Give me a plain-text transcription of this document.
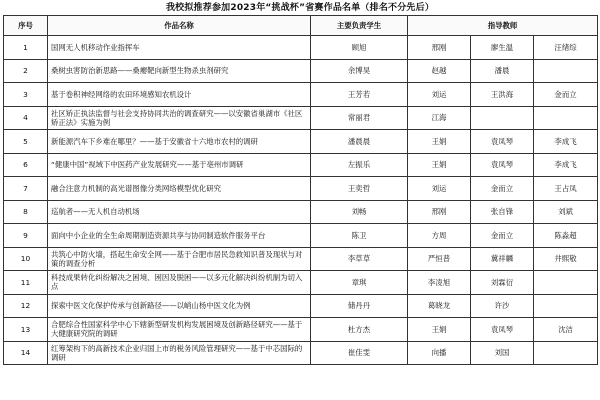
我校拟推荐参加2023年“挑战杯”省赛作品名单（排名不分先后）
序号	作品名称	主要负责学生	指导教师		
1	国网无人机移动作业指挥车	顾旭	邢刚	廖生温	汪绪综
2	桑树虫害防治新思路——桑瘿靶向新型生物杀虫剂研究	余博昊	赵越	潘晨	
3	基于卷积神经网络的农田环境感知农机设计	王芳若	刘运	王洪海	金而立
4	社区矫正执法监督与社会支持协同共治的调查研究——以安徽省巢湖市《社区矫正法》实施为例	常丽君	江海		
5	新能源汽车下乡难在哪里？——基于安徽省十六地市农村的调研	潘晨晨	王娟	袁凤琴	李成飞
6	“健康中国”视域下中医药产业发展研究——基于亳州市调研	左振乐	王娟	袁凤琴	李成飞
7	融合注意力机制的高光谱图像分类网络模型优化研究	王奕哲	刘运	金而立	王占凤
8	巡航者——无人机自动机场	刘畅	邢刚	张自锋	刘斌
9	面向中小企业的全生命周期制造资源共享与协同制造软件服务平台	陈卫	方周	金而立	陈淼超
10	共筑心中防火墙，搭起生命安全网——基于合肥市居民急救知识普及现状与对策的调查分析	李草草	严恒普	冀祥麟	井熙敬
11	科技成果转化纠纷解决之困境、困因及脱困——以多元化解决纠纷机制为切入点	章琪	李凌旭	刘霖衍	
12	探索中医文化保护传承与创新路径——以峭山杨中医文化为例	储丹丹	葛晓龙	许沙	
13	合肥综合性国家科学中心下辖新型研发机构发展困境及创新路径研究——基于大健康研究院的调研	杜方杰	王娟	袁凤琴	沈洁
14	红筹架构下的高新技术企业归国上市的税务风险管理研究——基于中芯国际的调研	崔佳雯	向播	刘国	
